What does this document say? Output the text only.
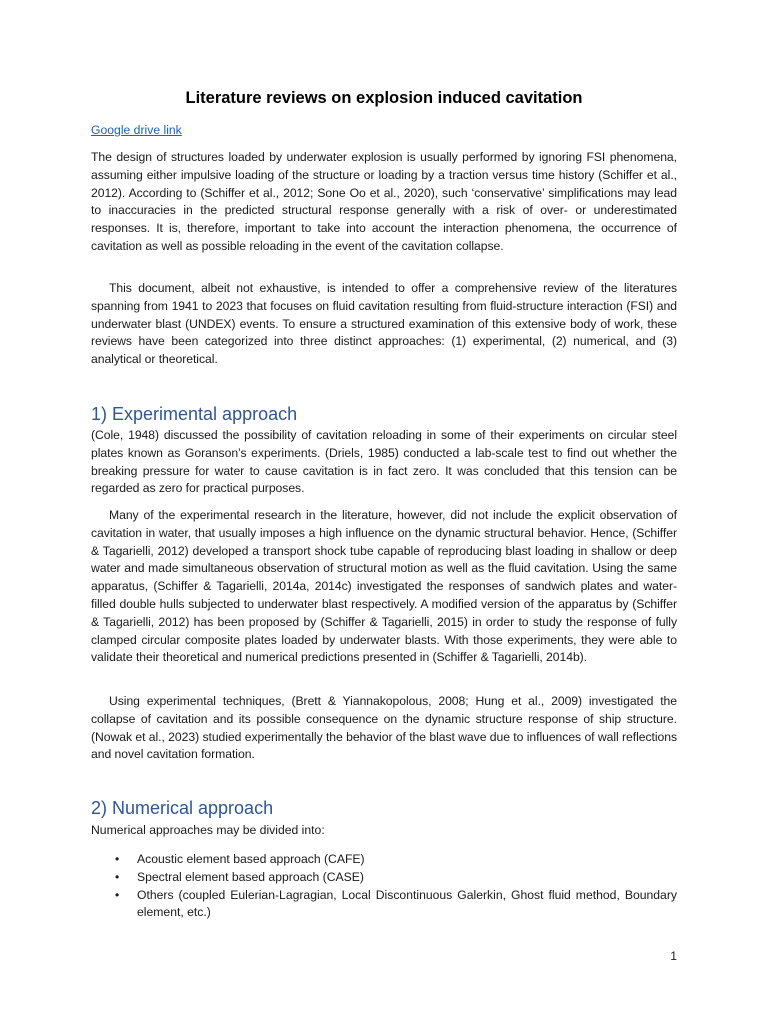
Literature reviews on explosion induced cavitation
Google drive link

The design of structures loaded by underwater explosion is usually performed by ignoring FSI phenomena, assuming either impulsive loading of the structure or loading by a traction versus time history (Schiffer et al., 2012). According to (Schiffer et al., 2012; Sone Oo et al., 2020), such ‘conservative’ simplifications may lead to inaccuracies in the predicted structural response generally with a risk of over- or underestimated responses. It is, therefore, important to take into account the interaction phenomena, the occurrence of cavitation as well as possible reloading in the event of the cavitation collapse.

This document, albeit not exhaustive, is intended to offer a comprehensive review of the literatures spanning from 1941 to 2023 that focuses on fluid cavitation resulting from fluid-structure interaction (FSI) and underwater blast (UNDEX) events. To ensure a structured examination of this extensive body of work, these reviews have been categorized into three distinct approaches: (1) experimental, (2) numerical, and (3) analytical or theoretical.

1) Experimental approach

(Cole, 1948) discussed the possibility of cavitation reloading in some of their experiments on circular steel plates known as Goranson’s experiments. (Driels, 1985) conducted a lab-scale test to find out whether the breaking pressure for water to cause cavitation is in fact zero. It was concluded that this tension can be regarded as zero for practical purposes.

Many of the experimental research in the literature, however, did not include the explicit observation of cavitation in water, that usually imposes a high influence on the dynamic structural behavior. Hence, (Schiffer & Tagarielli, 2012) developed a transport shock tube capable of reproducing blast loading in shallow or deep water and made simultaneous observation of structural motion as well as the fluid cavitation. Using the same apparatus, (Schiffer & Tagarielli, 2014a, 2014c) investigated the responses of sandwich plates and water-filled double hulls subjected to underwater blast respectively. A modified version of the apparatus by (Schiffer & Tagarielli, 2012) has been proposed by (Schiffer & Tagarielli, 2015) in order to study the response of fully clamped circular composite plates loaded by underwater blasts. With those experiments, they were able to validate their theoretical and numerical predictions presented in (Schiffer & Tagarielli, 2014b).

Using experimental techniques, (Brett & Yiannakopolous, 2008; Hung et al., 2009) investigated the collapse of cavitation and its possible consequence on the dynamic structure response of ship structure. (Nowak et al., 2023) studied experimentally the behavior of the blast wave due to influences of wall reflections and novel cavitation formation.

2) Numerical approach

Numerical approaches may be divided into:

• Acoustic element based approach (CAFE)
• Spectral element based approach (CASE)
• Others (coupled Eulerian-Lagragian, Local Discontinuous Galerkin, Ghost fluid method, Boundary element, etc.)
1
